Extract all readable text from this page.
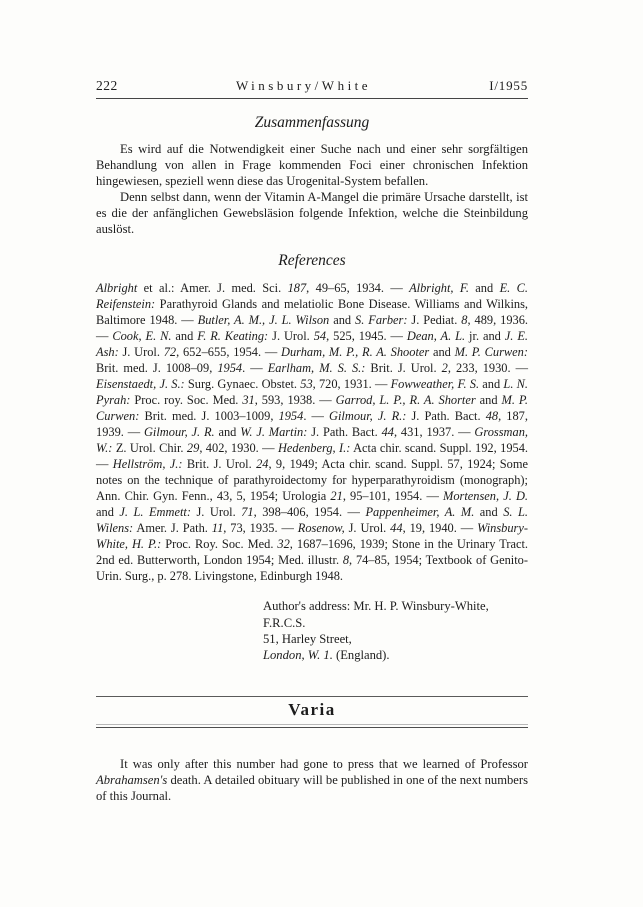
222	Winsbury/White	I/1955
Zusammenfassung

Es wird auf die Notwendigkeit einer Suche nach und einer sehr sorgfältigen Behandlung von allen in Frage kommenden Foci einer chronischen Infektion hingewiesen, speziell wenn diese das Urogenital-System befallen.

Denn selbst dann, wenn der Vitamin A-Mangel die primäre Ursache darstellt, ist es die der anfänglichen Gewebsläsion folgende Infektion, welche die Steinbildung auslöst.

References

Albright et al.: Amer. J. med. Sci. 187, 49–65, 1934. — Albright, F. and E. C. Reifenstein: Parathyroid Glands and melatiolic Bone Disease. Williams and Wilkins, Baltimore 1948. — Butler, A. M., J. L. Wilson and S. Farber: J. Pediat. 8, 489, 1936. — Cook, E. N. and F. R. Keating: J. Urol. 54, 525, 1945. — Dean, A. L. jr. and J. E. Ash: J. Urol. 72, 652–655, 1954. — Durham, M. P., R. A. Shooter and M. P. Curwen: Brit. med. J. 1008–09, 1954. — Earlham, M. S. S.: Brit. J. Urol. 2, 233, 1930. — Eisenstaedt, J. S.: Surg. Gynaec. Obstet. 53, 720, 1931. — Fowweather, F. S. and L. N. Pyrah: Proc. roy. Soc. Med. 31, 593, 1938. — Garrod, L. P., R. A. Shorter and M. P. Curwen: Brit. med. J. 1003–1009, 1954. — Gilmour, J. R.: J. Path. Bact. 48, 187, 1939. — Gilmour, J. R. and W. J. Martin: J. Path. Bact. 44, 431, 1937. — Grossman, W.: Z. Urol. Chir. 29, 402, 1930. — Hedenberg, I.: Acta chir. scand. Suppl. 192, 1954. — Hellström, J.: Brit. J. Urol. 24, 9, 1949; Acta chir. scand. Suppl. 57, 1924; Some notes on the technique of parathyroidectomy for hyperparathyroidism (monograph); Ann. Chir. Gyn. Fenn., 43, 5, 1954; Urologia 21, 95–101, 1954. — Mortensen, J. D. and J. L. Emmett: J. Urol. 71, 398–406, 1954. — Pappenheimer, A. M. and S. L. Wilens: Amer. J. Path. 11, 73, 1935. — Rosenow, J. Urol. 44, 19, 1940. — Winsbury-White, H. P.: Proc. Roy. Soc. Med. 32, 1687–1696, 1939; Stone in the Urinary Tract. 2nd ed. Butterworth, London 1954; Med. illustr. 8, 74–85, 1954; Textbook of Genito-Urin. Surg., p. 278. Livingstone, Edinburgh 1948.

Author's address: Mr. H. P. Winsbury-White, F.R.C.S.
51, Harley Street,
London, W. 1. (England).
Varia

It was only after this number had gone to press that we learned of Professor Abrahamsen's death. A detailed obituary will be published in one of the next numbers of this Journal.
